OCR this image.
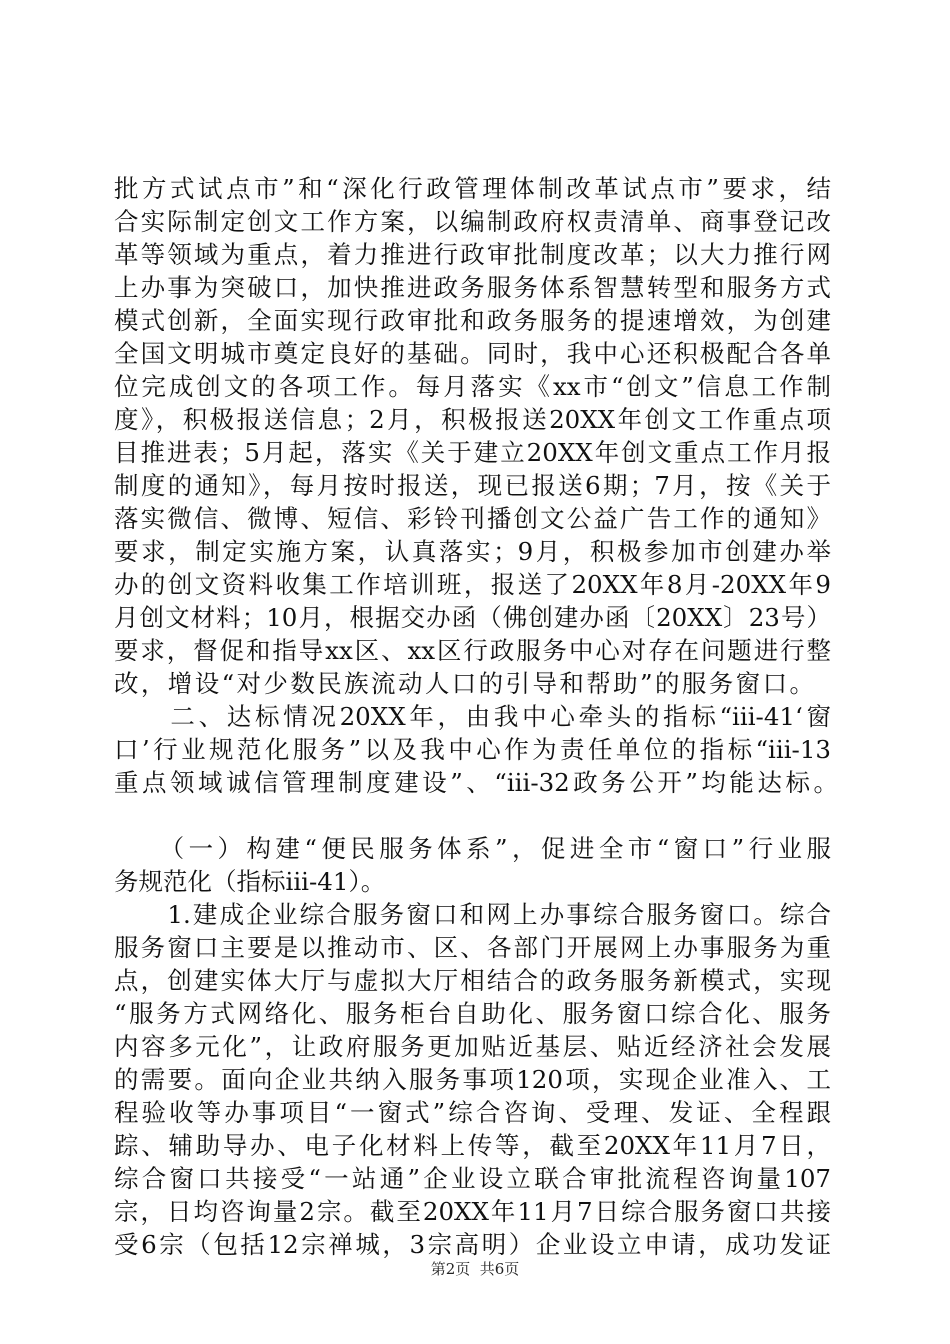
批方式试点市”和“深化行政管理体制改革试点市”要求，结

合实际制定创文工作方案，以编制政府权责清单、商事登记改

革等领域为重点，着力推进行政审批制度改革；以大力推行网

上办事为突破口，加快推进政务服务体系智慧转型和服务方式

模式创新，全面实现行政审批和政务服务的提速增效，为创建

全国文明城市奠定良好的基础。同时，我中心还积极配合各单

位完成创文的各项工作。每月落实《xx市“创文”信息工作制

度》，积极报送信息；2月，积极报送20XX年创文工作重点项

目推进表；5月起，落实《关于建立20XX年创文重点工作月报

制度的通知》，每月按时报送，现已报送6期；7月，按《关于

落实微信、微博、短信、彩铃刊播创文公益广告工作的通知》

要求，制定实施方案，认真落实；9月，积极参加市创建办举

办的创文资料收集工作培训班，报送了20XX年8月-20XX年9

月创文材料；10月，根据交办函（佛创建办函〔20XX〕23号）

要求，督促和指导xx区、xx区行政服务中心对存在问题进行整

改，增设“对少数民族流动人口的引导和帮助”的服务窗口。

　　二、达标情况20XX年，由我中心牵头的指标“iii-41‘窗

口’行业规范化服务”以及我中心作为责任单位的指标“iii-13

重点领域诚信管理制度建设”、“iii-32政务公开”均能达标。

　　（一）构建“便民服务体系”，促进全市“窗口”行业服

务规范化（指标iii-41）。

　　1.建成企业综合服务窗口和网上办事综合服务窗口。综合

服务窗口主要是以推动市、区、各部门开展网上办事服务为重

点，创建实体大厅与虚拟大厅相结合的政务服务新模式，实现

“服务方式网络化、服务柜台自助化、服务窗口综合化、服务

内容多元化”，让政府服务更加贴近基层、贴近经济社会发展

的需要。面向企业共纳入服务事项120项，实现企业准入、工

程验收等办事项目“一窗式”综合咨询、受理、发证、全程跟

踪、辅助导办、电子化材料上传等，截至20XX年11月7日，

综合窗口共接受“一站通”企业设立联合审批流程咨询量107

宗，日均咨询量2宗。截至20XX年11月7日综合服务窗口共接

受6宗（包括12宗禅城，3宗高明）企业设立申请，成功发证

第2页  共6页
